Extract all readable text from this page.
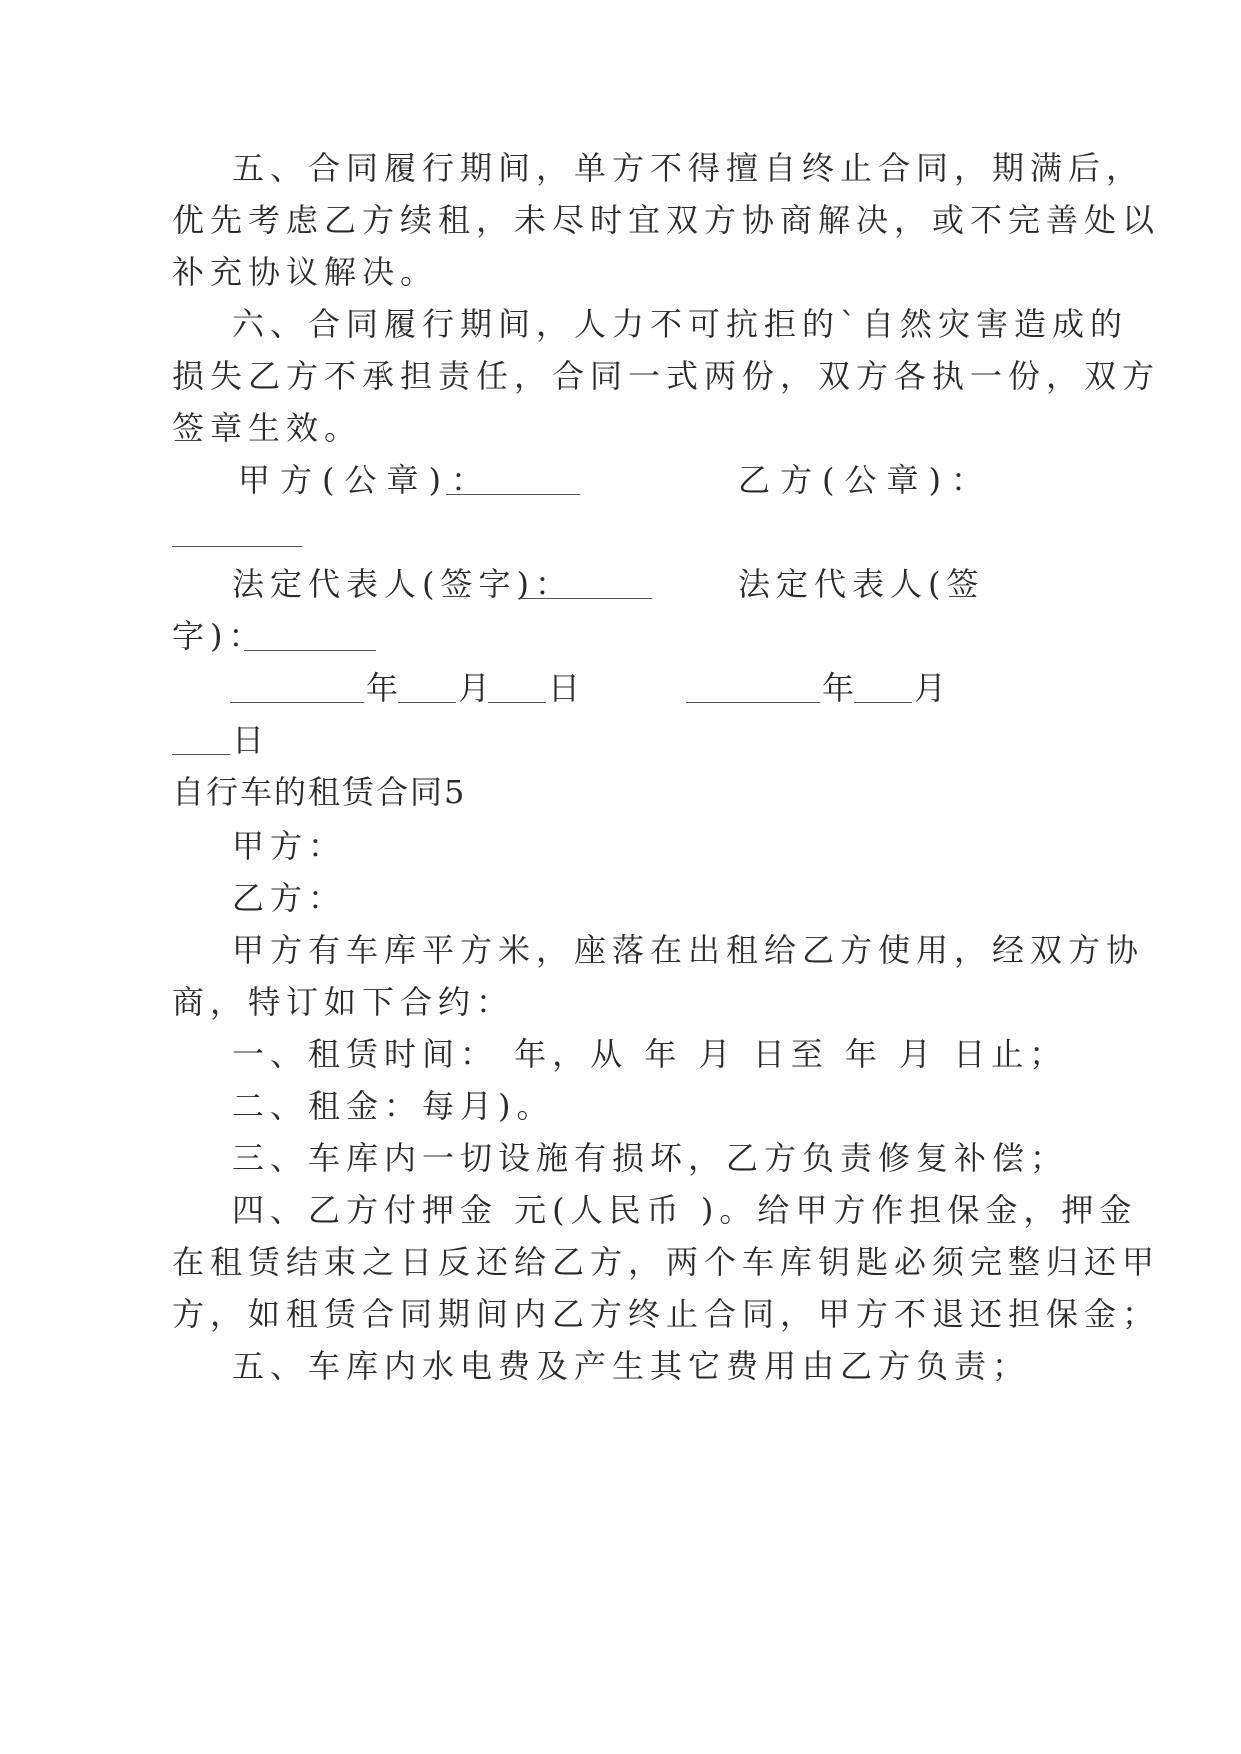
五、合同履行期间，单方不得擅自终止合同，期满后，
优先考虑乙方续租，未尽时宜双方协商解决，或不完善处以
补充协议解决。
六、合同履行期间，人力不可抗拒的`自然灾害造成的
损失乙方不承担责任，合同一式两份，双方各执一份，双方
签章生效。
甲方(公章)：	乙方(公章)：
法定代表人(签字)：	法定代表人(签
字)：
年 月 日	年 月
日
自行车的租赁合同5
甲方：
乙方：
甲方有车库平方米，座落在出租给乙方使用，经双方协
商，特订如下合约：
一、租赁时间： 年，从 年 月 日至 年 月 日止；
二、租金：每月)。
三、车库内一切设施有损坏，乙方负责修复补偿；
四、乙方付押金 元(人民币 )。给甲方作担保金，押金
在租赁结束之日反还给乙方，两个车库钥匙必须完整归还甲
方，如租赁合同期间内乙方终止合同，甲方不退还担保金；
五、车库内水电费及产生其它费用由乙方负责；
